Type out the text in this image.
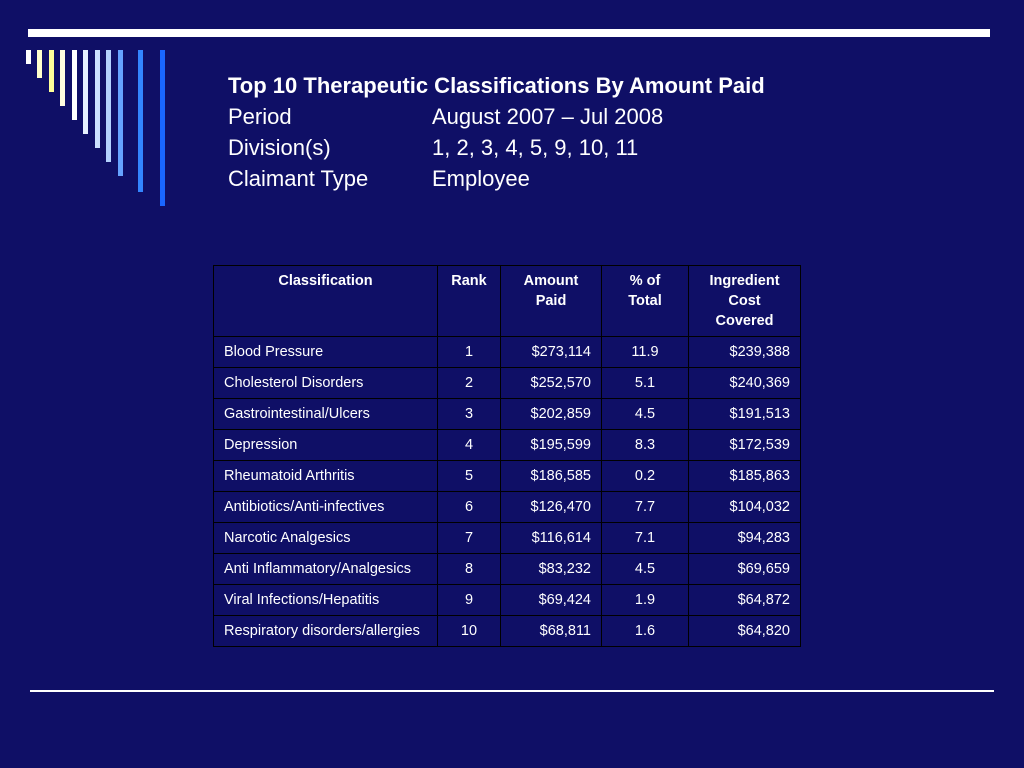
Top 10 Therapeutic Classifications By Amount Paid
Period	August 2007 – Jul 2008
Division(s)	1, 2, 3, 4, 5, 9, 10, 11
Claimant Type	Employee
Classification	Rank	Amount Paid	% of Total	Ingredient Cost Covered
Blood Pressure	1	$273,114	11.9	$239,388
Cholesterol Disorders	2	$252,570	5.1	$240,369
Gastrointestinal/Ulcers	3	$202,859	4.5	$191,513
Depression	4	$195,599	8.3	$172,539
Rheumatoid Arthritis	5	$186,585	0.2	$185,863
Antibiotics/Anti-infectives	6	$126,470	7.7	$104,032
Narcotic Analgesics	7	$116,614	7.1	$94,283
Anti Inflammatory/Analgesics	8	$83,232	4.5	$69,659
Viral Infections/Hepatitis	9	$69,424	1.9	$64,872
Respiratory disorders/allergies	10	$68,811	1.6	$64,820
